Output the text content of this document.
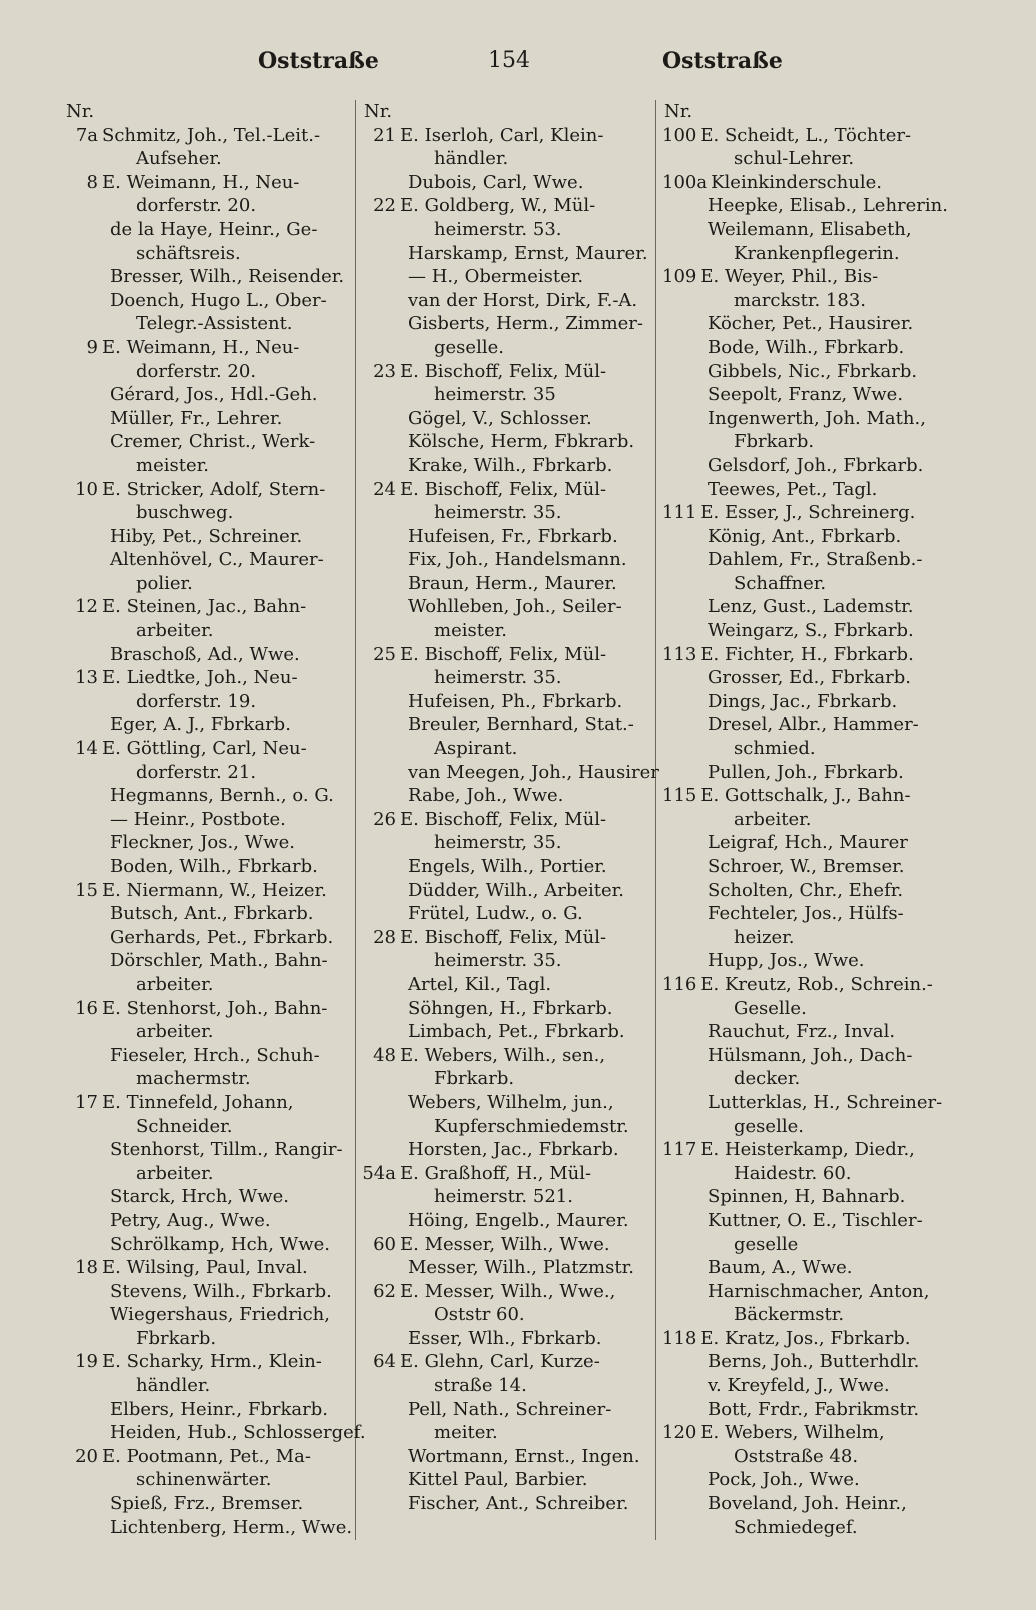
Oststraße	154	Oststraße
Nr.
7a Schmitz, Joh., Tel.-Leit.-
Aufseher.
8 E. Weimann, H., Neu-
dorferstr. 20.
de la Haye, Heinr., Ge-
schäftsreis.
Bresser, Wilh., Reisender.
Doench, Hugo L., Ober-
Telegr.-Assistent.
9 E. Weimann, H., Neu-
dorferstr. 20.
Gérard, Jos., Hdl.-Geh.
Müller, Fr., Lehrer.
Cremer, Christ., Werk-
meister.
10 E. Stricker, Adolf, Stern-
buschweg.
Hiby, Pet., Schreiner.
Altenhövel, C., Maurer-
polier.
12 E. Steinen, Jac., Bahn-
arbeiter.
Braschoß, Ad., Wwe.
13 E. Liedtke, Joh., Neu-
dorferstr. 19.
Eger, A. J., Fbrkarb.
14 E. Göttling, Carl, Neu-
dorferstr. 21.
Hegmanns, Bernh., o. G.
— Heinr., Postbote.
Fleckner, Jos., Wwe.
Boden, Wilh., Fbrkarb.
15 E. Niermann, W., Heizer.
Butsch, Ant., Fbrkarb.
Gerhards, Pet., Fbrkarb.
Dörschler, Math., Bahn-
arbeiter.
16 E. Stenhorst, Joh., Bahn-
arbeiter.
Fieseler, Hrch., Schuh-
machermstr.
17 E. Tinnefeld, Johann,
Schneider.
Stenhorst, Tillm., Rangir-
arbeiter.
Starck, Hrch, Wwe.
Petry, Aug., Wwe.
Schrölkamp, Hch, Wwe.
18 E. Wilsing, Paul, Inval.
Stevens, Wilh., Fbrkarb.
Wiegershaus, Friedrich,
Fbrkarb.
19 E. Scharky, Hrm., Klein-
händler.
Elbers, Heinr., Fbrkarb.
Heiden, Hub., Schlossergef.
20 E. Pootmann, Pet., Ma-
schinenwärter.
Spieß, Frz., Bremser.
Lichtenberg, Herm., Wwe.
Nr.
21 E. Iserloh, Carl, Klein-
händler.
Dubois, Carl, Wwe.
22 E. Goldberg, W., Mül-
heimerstr. 53.
Harskamp, Ernst, Maurer.
— H., Obermeister.
van der Horst, Dirk, F.-A.
Gisberts, Herm., Zimmer-
geselle.
23 E. Bischoff, Felix, Mül-
heimerstr. 35
Gögel, V., Schlosser.
Kölsche, Herm, Fbkrarb.
Krake, Wilh., Fbrkarb.
24 E. Bischoff, Felix, Mül-
heimerstr. 35.
Hufeisen, Fr., Fbrkarb.
Fix, Joh., Handelsmann.
Braun, Herm., Maurer.
Wohlleben, Joh., Seiler-
meister.
25 E. Bischoff, Felix, Mül-
heimerstr. 35.
Hufeisen, Ph., Fbrkarb.
Breuler, Bernhard, Stat.-
Aspirant.
van Meegen, Joh., Hausirer
Rabe, Joh., Wwe.
26 E. Bischoff, Felix, Mül-
heimerstr, 35.
Engels, Wilh., Portier.
Düdder, Wilh., Arbeiter.
Frütel, Ludw., o. G.
28 E. Bischoff, Felix, Mül-
heimerstr. 35.
Artel, Kil., Tagl.
Söhngen, H., Fbrkarb.
Limbach, Pet., Fbrkarb.
48 E. Webers, Wilh., sen.,
Fbrkarb.
Webers, Wilhelm, jun.,
Kupferschmiedemstr.
Horsten, Jac., Fbrkarb.
54a E. Graßhoff, H., Mül-
heimerstr. 521.
Höing, Engelb., Maurer.
60 E. Messer, Wilh., Wwe.
Messer, Wilh., Platzmstr.
62 E. Messer, Wilh., Wwe.,
Oststr 60.
Esser, Wlh., Fbrkarb.
64 E. Glehn, Carl, Kurze-
straße 14.
Pell, Nath., Schreiner-
meiter.
Wortmann, Ernst., Ingen.
Kittel Paul, Barbier.
Fischer, Ant., Schreiber.
Nr.
100 E. Scheidt, L., Töchter-
schul-Lehrer.
100a Kleinkinderschule.
Heepke, Elisab., Lehrerin.
Weilemann, Elisabeth,
Krankenpflegerin.
109 E. Weyer, Phil., Bis-
marckstr. 183.
Köcher, Pet., Hausirer.
Bode, Wilh., Fbrkarb.
Gibbels, Nic., Fbrkarb.
Seepolt, Franz, Wwe.
Ingenwerth, Joh. Math.,
Fbrkarb.
Gelsdorf, Joh., Fbrkarb.
Teewes, Pet., Tagl.
111 E. Esser, J., Schreinerg.
König, Ant., Fbrkarb.
Dahlem, Fr., Straßenb.-
Schaffner.
Lenz, Gust., Lademstr.
Weingarz, S., Fbrkarb.
113 E. Fichter, H., Fbrkarb.
Grosser, Ed., Fbrkarb.
Dings, Jac., Fbrkarb.
Dresel, Albr., Hammer-
schmied.
Pullen, Joh., Fbrkarb.
115 E. Gottschalk, J., Bahn-
arbeiter.
Leigraf, Hch., Maurer
Schroer, W., Bremser.
Scholten, Chr., Ehefr.
Fechteler, Jos., Hülfs-
heizer.
Hupp, Jos., Wwe.
116 E. Kreutz, Rob., Schrein.-
Geselle.
Rauchut, Frz., Inval.
Hülsmann, Joh., Dach-
decker.
Lutterklas, H., Schreiner-
geselle.
117 E. Heisterkamp, Diedr.,
Haidestr. 60.
Spinnen, H, Bahnarb.
Kuttner, O. E., Tischler-
geselle
Baum, A., Wwe.
Harnischmacher, Anton,
Bäckermstr.
118 E. Kratz, Jos., Fbrkarb.
Berns, Joh., Butterhdlr.
v. Kreyfeld, J., Wwe.
Bott, Frdr., Fabrikmstr.
120 E. Webers, Wilhelm,
Oststraße 48.
Pock, Joh., Wwe.
Boveland, Joh. Heinr.,
Schmiedegef.
